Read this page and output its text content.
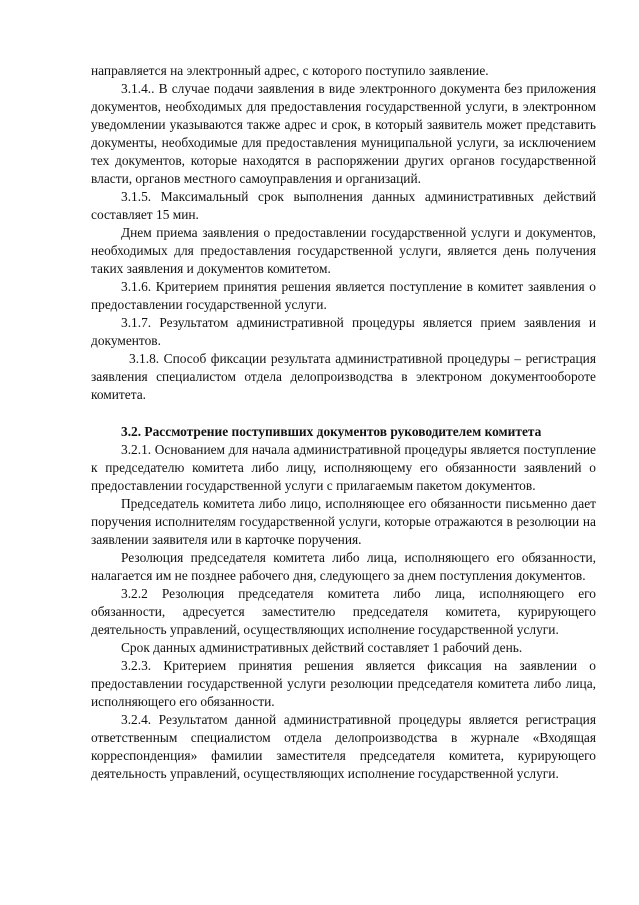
направляется на электронный адрес, с которого поступило заявление.

3.1.4.. В случае подачи заявления в виде электронного документа без приложения документов, необходимых для предоставления государственной услуги, в электронном уведомлении указываются также адрес и срок, в который заявитель может представить документы, необходимые для предоставления муниципальной услуги, за исключением тех документов, которые находятся в распоряжении других органов государственной власти, органов местного самоуправления и организаций.

3.1.5. Максимальный срок выполнения данных административных действий составляет 15 мин.

Днем приема заявления о предоставлении государственной услуги и документов, необходимых для предоставления государственной услуги, является день получения таких заявления и документов комитетом.

3.1.6. Критерием принятия решения является поступление в комитет заявления о предоставлении государственной услуги.

3.1.7. Результатом административной процедуры является прием заявления и документов.

3.1.8. Способ фиксации результата административной процедуры – регистрация заявления специалистом отдела делопроизводства в электроном документообороте комитета.

3.2. Рассмотрение поступивших документов руководителем комитета

3.2.1. Основанием для начала административной процедуры является поступление к председателю комитета либо лицу, исполняющему его обязанности заявлений о предоставлении государственной услуги с прилагаемым пакетом документов.

Председатель комитета либо лицо, исполняющее его обязанности письменно дает поручения исполнителям государственной услуги, которые отражаются в резолюции на заявлении заявителя или в карточке поручения.

Резолюция председателя комитета либо лица, исполняющего его обязанности, налагается им не позднее рабочего дня, следующего за днем поступления документов.

3.2.2 Резолюция председателя комитета либо лица, исполняющего его обязанности, адресуется заместителю председателя комитета, курирующего деятельность управлений, осуществляющих исполнение государственной услуги.

Срок данных административных действий составляет 1 рабочий день.

3.2.3. Критерием принятия решения является фиксация на заявлении о предоставлении государственной услуги резолюции председателя комитета либо лица, исполняющего его обязанности.

3.2.4. Результатом данной административной процедуры является регистрация ответственным специалистом отдела делопроизводства в журнале «Входящая корреспонденция» фамилии заместителя председателя комитета, курирующего деятельность управлений, осуществляющих исполнение государственной услуги.
